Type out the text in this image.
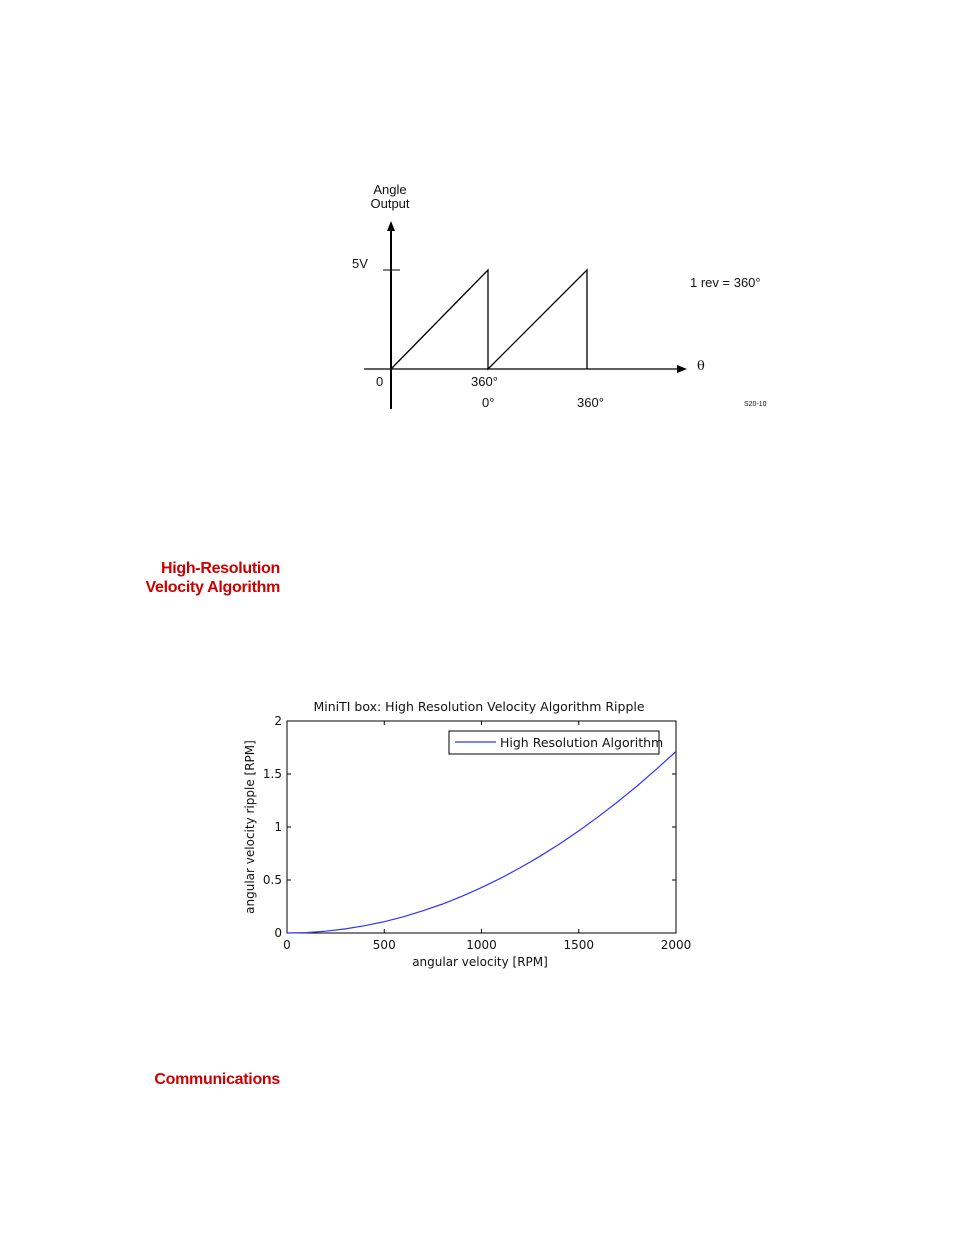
Angle
Output
5V
1 rev = 360°
θ
0	360°
0°	360°	S20-10
High-Resolution
Velocity Algorithm
Communications
MiniTI box: High Resolution Velocity Algorithm Ripple
0	500	1000	1500	2000
0
0.5
1
1.5
2
angular velocity [RPM]
angular velocity ripple [RPM]	High Resolution Algorithm
